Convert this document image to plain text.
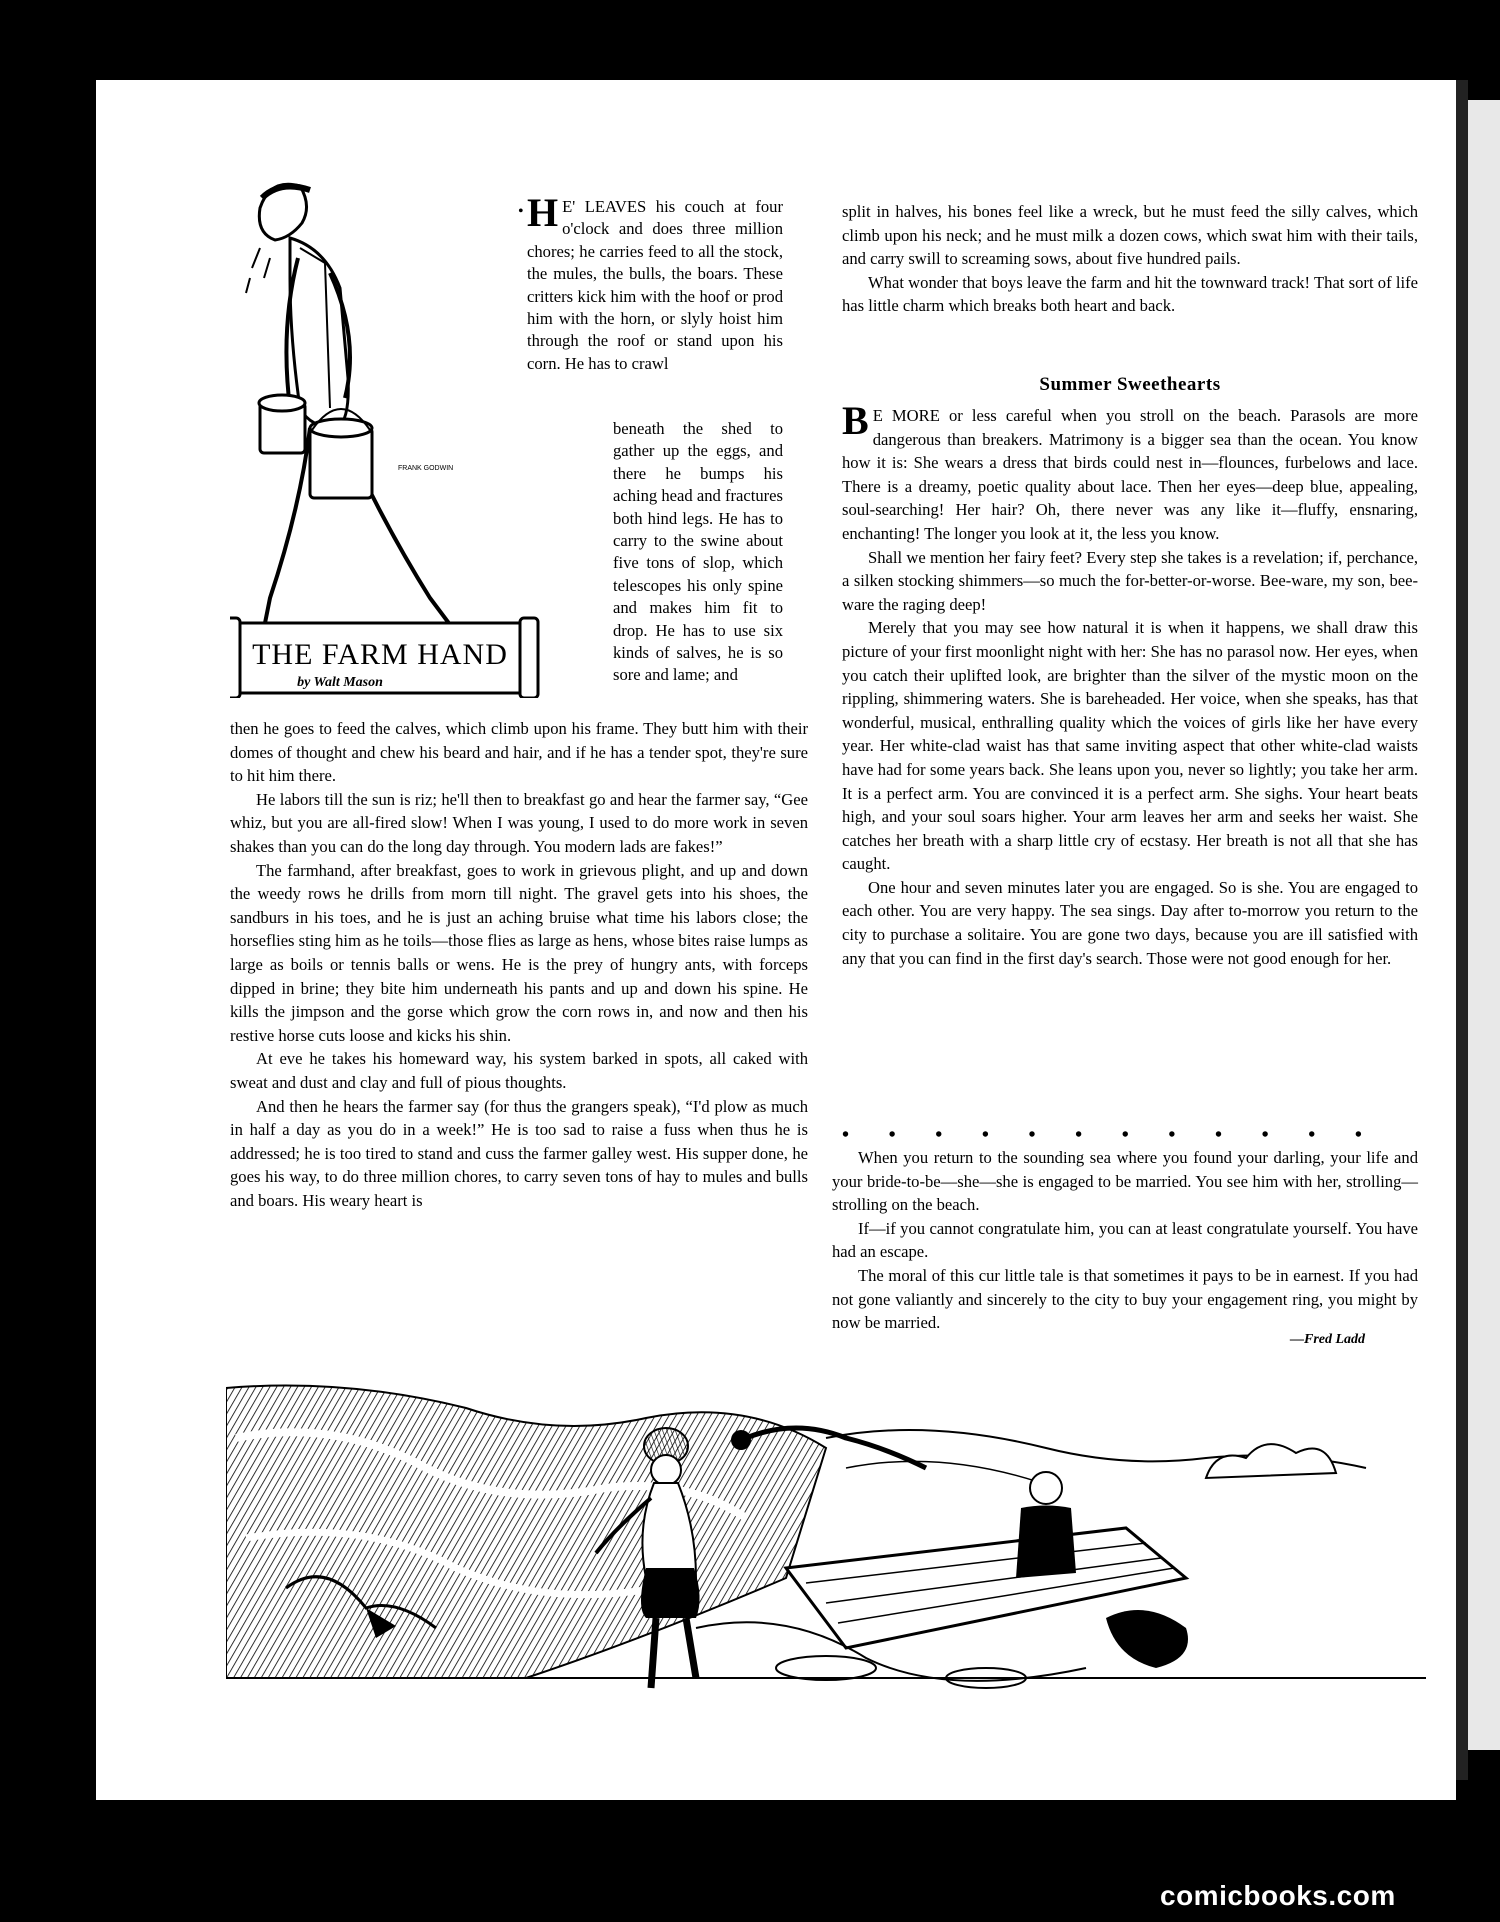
THE FARM HAND
by Walt Mason
FRANK GODWIN
• H E' LEAVES his couch at four o'clock and does three million chores; he carries feed to all the stock, the mules, the bulls, the boars. These critters kick him with the hoof or prod him with the horn, or slyly hoist him through the roof or stand upon his corn. He has to crawl
beneath the shed to gather up the eggs, and there he bumps his aching head and fractures both hind legs. He has to carry to the swine about five tons of slop, which telescopes his only spine and makes him fit to drop. He has to use six kinds of salves, he is so sore and lame; and

then he goes to feed the calves, which climb upon his frame. They butt him with their domes of thought and chew his beard and hair, and if he has a tender spot, they're sure to hit him there.

He labors till the sun is riz; he'll then to breakfast go and hear the farmer say, “Gee whiz, but you are all-fired slow! When I was young, I used to do more work in seven shakes than you can do the long day through. You modern lads are fakes!”

The farmhand, after breakfast, goes to work in grievous plight, and up and down the weedy rows he drills from morn till night. The gravel gets into his shoes, the sandburs in his toes, and he is just an aching bruise what time his labors close; the horseflies sting him as he toils—those flies as large as hens, whose bites raise lumps as large as boils or tennis balls or wens. He is the prey of hungry ants, with forceps dipped in brine; they bite him underneath his pants and up and down his spine. He kills the jimpson and the gorse which grow the corn rows in, and now and then his restive horse cuts loose and kicks his shin.

At eve he takes his homeward way, his system barked in spots, all caked with sweat and dust and clay and full of pious thoughts.

And then he hears the farmer say (for thus the grangers speak), “I'd plow as much in half a day as you do in a week!” He is too sad to raise a fuss when thus he is addressed; he is too tired to stand and cuss the farmer galley west. His supper done, he goes his way, to do three million chores, to carry seven tons of hay to mules and bulls and boars. His weary heart is

split in halves, his bones feel like a wreck, but he must feed the silly calves, which climb upon his neck; and he must milk a dozen cows, which swat him with their tails, and carry swill to screaming sows, about five hundred pails.

What wonder that boys leave the farm and hit the townward track! That sort of life has little charm which breaks both heart and back.

Summer Sweethearts

B E MORE or less careful when you stroll on the beach. Parasols are more dangerous than breakers. Matrimony is a bigger sea than the ocean. You know how it is: She wears a dress that birds could nest in—flounces, furbelows and lace. There is a dreamy, poetic quality about lace. Then her eyes—deep blue, appealing, soul-searching! Her hair? Oh, there never was any like it—fluffy, ensnaring, enchanting! The longer you look at it, the less you know.

Shall we mention her fairy feet? Every step she takes is a revelation; if, perchance, a silken stocking shimmers—so much the for-better-or-worse. Bee-ware, my son, bee-ware the raging deep!

Merely that you may see how natural it is when it happens, we shall draw this picture of your first moonlight night with her: She has no parasol now. Her eyes, when you catch their uplifted look, are brighter than the silver of the mystic moon on the rippling, shimmering waters. She is bareheaded. Her voice, when she speaks, has that wonderful, musical, enthralling quality which the voices of girls like her have every year. Her white-clad waist has that same inviting aspect that other white-clad waists have had for some years back. She leans upon you, never so lightly; you take her arm. It is a perfect arm. You are convinced it is a perfect arm. She sighs. Your heart beats high, and your soul soars higher. Your arm leaves her arm and seeks her waist. She catches her breath with a sharp little cry of ecstasy. Her breath is not all that she has caught.

One hour and seven minutes later you are engaged. So is she. You are engaged to each other. You are very happy. The sea sings. Day after to-morrow you return to the city to purchase a solitaire. You are gone two days, because you are ill satisfied with any that you can find in the first day's search. Those were not good enough for her.

• • • • • • • • • • • •

When you return to the sounding sea where you found your darling, your life and your bride-to-be—she—she is engaged to be married. You see him with her, strolling—strolling on the beach.

If—if you cannot congratulate him, you can at least congratulate yourself. You have had an escape.

The moral of this cur little tale is that sometimes it pays to be in earnest. If you had not gone valiantly and sincerely to the city to buy your engagement ring, you might by now be married.

—Fred Ladd
comicbooks.com
